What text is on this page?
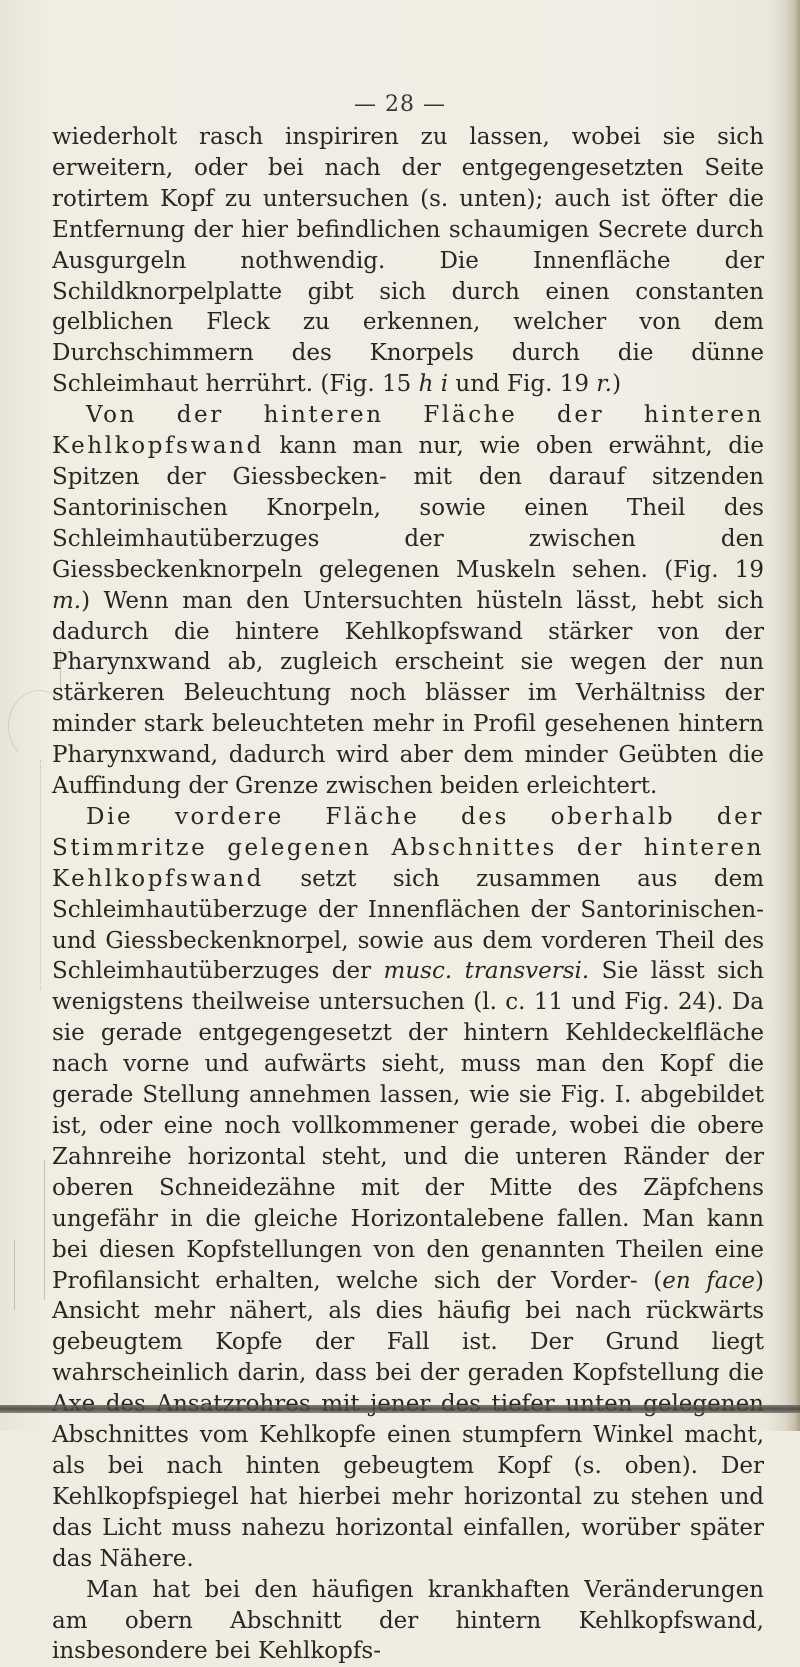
— 28 —

wiederholt rasch inspiriren zu lassen, wobei sie sich erweitern, oder bei nach der entgegengesetzten Seite rotirtem Kopf zu untersuchen (s. unten); auch ist öfter die Entfernung der hier befindlichen schaumigen Secrete durch Ausgurgeln nothwendig. Die Innenfläche der Schildknorpelplatte gibt sich durch einen constanten gelblichen Fleck zu erkennen, welcher von dem Durchschimmern des Knorpels durch die dünne Schleimhaut herrührt. (Fig. 15 h i und Fig. 19 r.)

Von der hinteren Fläche der hinteren Kehlkopfswand kann man nur, wie oben erwähnt, die Spitzen der Giessbecken- mit den darauf sitzenden Santorinischen Knorpeln, sowie einen Theil des Schleimhautüberzuges der zwischen den Giessbeckenknorpeln gelegenen Muskeln sehen. (Fig. 19 m.) Wenn man den Untersuchten hüsteln lässt, hebt sich dadurch die hintere Kehlkopfswand stärker von der Pharynxwand ab, zugleich erscheint sie wegen der nun stärkeren Beleuchtung noch blässer im Verhältniss der minder stark beleuchteten mehr in Profil gesehenen hintern Pharynxwand, dadurch wird aber dem minder Geübten die Auffindung der Grenze zwischen beiden erleichtert.

Die vordere Fläche des oberhalb der Stimmritze gelegenen Abschnittes der hinteren Kehlkopfswand setzt sich zusammen aus dem Schleimhautüberzuge der Innenflächen der Santorinischen- und Giessbeckenknorpel, sowie aus dem vorderen Theil des Schleimhautüberzuges der musc. transversi. Sie lässt sich wenigstens theilweise untersuchen (l. c. 11 und Fig. 24). Da sie gerade entgegengesetzt der hintern Kehldeckelfläche nach vorne und aufwärts sieht, muss man den Kopf die gerade Stellung annehmen lassen, wie sie Fig. I. abgebildet ist, oder eine noch vollkommener gerade, wobei die obere Zahnreihe horizontal steht, und die unteren Ränder der oberen Schneidezähne mit der Mitte des Zäpfchens ungefähr in die gleiche Horizontalebene fallen. Man kann bei diesen Kopfstellungen von den genannten Theilen eine Profilansicht erhalten, welche sich der Vorder- (en face) Ansicht mehr nähert, als dies häufig bei nach rückwärts gebeugtem Kopfe der Fall ist. Der Grund liegt wahrscheinlich darin, dass bei der geraden Kopfstellung die Abschnittes vom Kehlkopfe einen stumpfern Winkel macht, als bei nach hinten gebeugtem Kopf (s. oben). Der Kehlkopfspiegel hat hierbei mehr horizontal zu stehen und das Licht muss nahezu horizontal einfallen, worüber später das Nähere.

Man hat bei den häufigen krankhaften Veränderungen am obern Abschnitt der hintern Kehlkopfswand, insbesondere bei Kehlkopfs-
